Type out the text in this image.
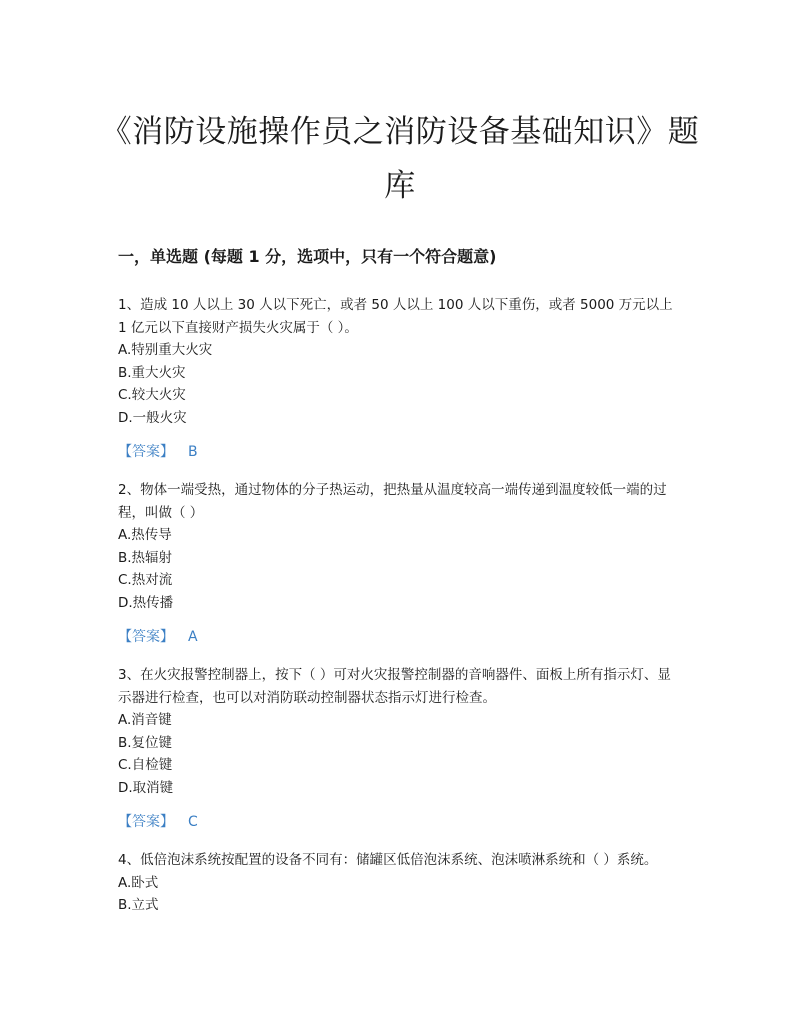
《消防设施操作员之消防设备基础知识》题库
一，单选题 (每题 1 分，选项中，只有一个符合题意)

1、造成 10 人以上 30 人以下死亡，或者 50 人以上 100 人以下重伤，或者 5000 万元以上 1 亿元以下直接财产损失火灾属于（ ）。

A.特别重大火灾

B.重大火灾

C.较大火灾

D.一般火灾

【答案】 B

2、物体一端受热，通过物体的分子热运动，把热量从温度较高一端传递到温度较低一端的过程，叫做（ ）

A.热传导

B.热辐射

C.热对流

D.热传播

【答案】 A

3、在火灾报警控制器上，按下（ ）可对火灾报警控制器的音响器件、面板上所有指示灯、显示器进行检查，也可以对消防联动控制器状态指示灯进行检查。

A.消音键

B.复位键

C.自检键

D.取消键

【答案】 C

4、低倍泡沫系统按配置的设备不同有：储罐区低倍泡沫系统、泡沫喷淋系统和（ ）系统。

A.卧式

B.立式
